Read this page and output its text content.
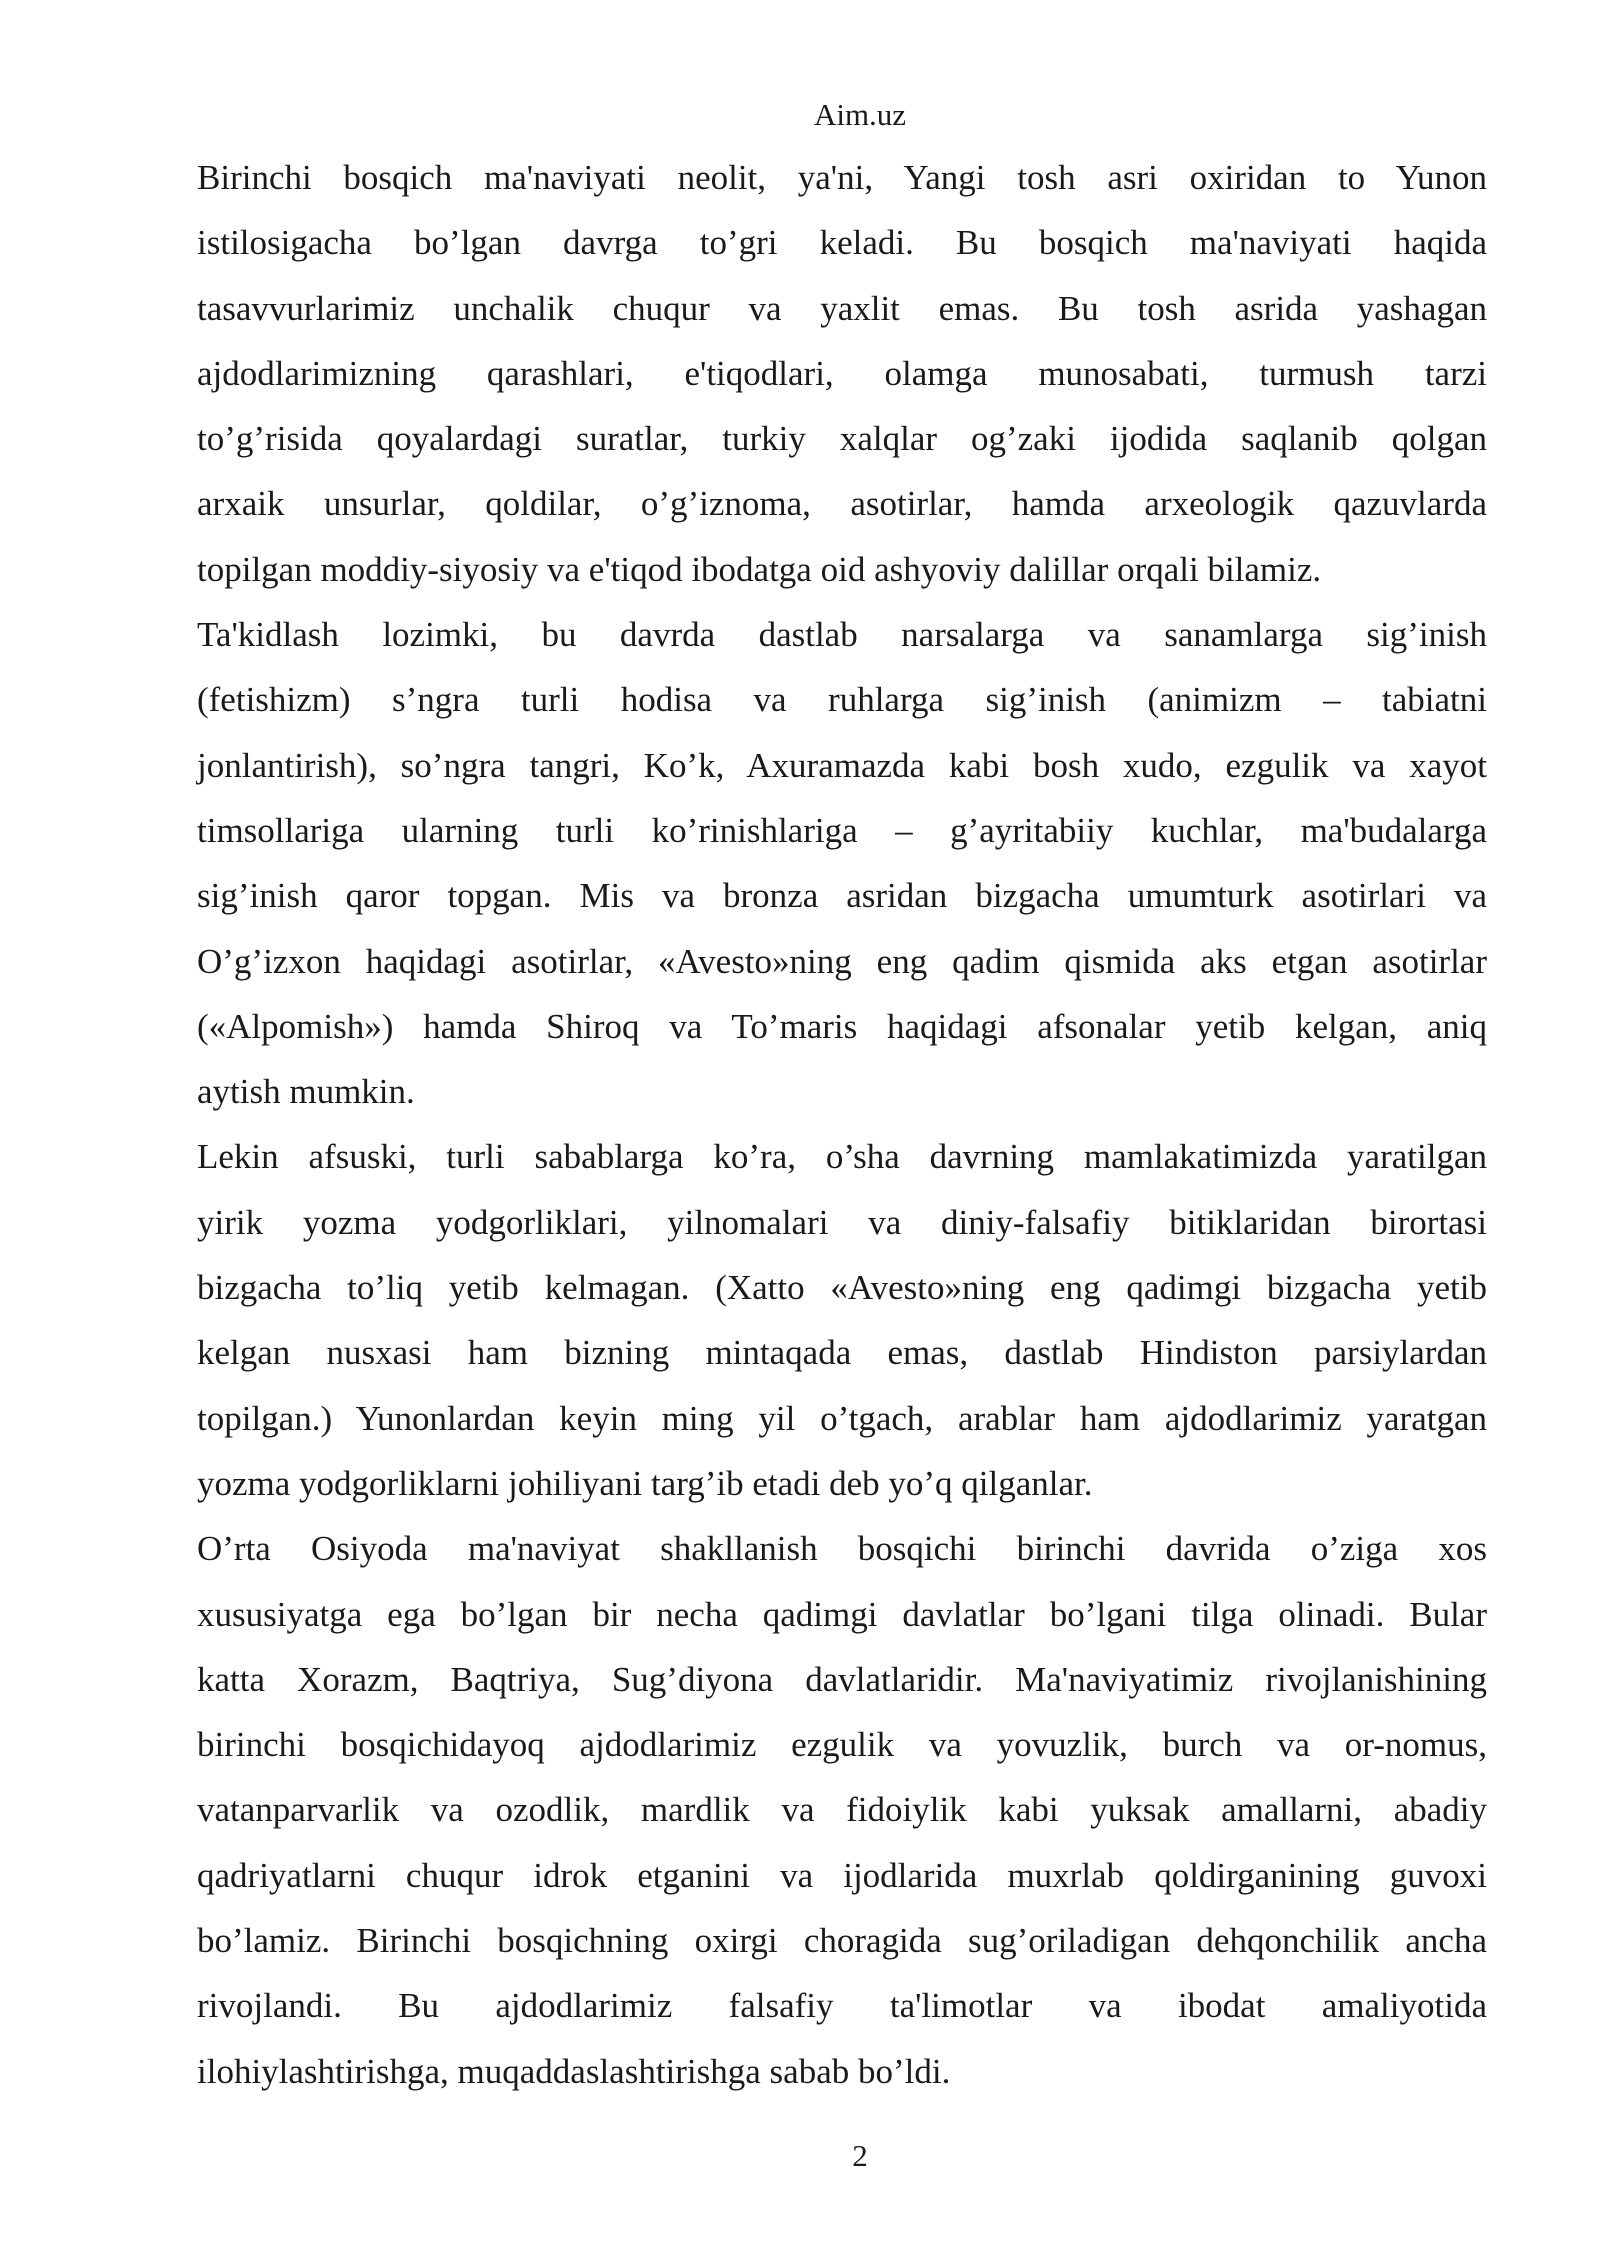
Aim.uz
Birinchi bosqich ma'naviyati neolit, ya'ni, Yangi tosh asri oxiridan to Yunon
istilosigacha bo’lgan davrga to’gri keladi. Bu bosqich ma'naviyati haqida
tasavvurlarimiz unchalik chuqur va yaxlit emas. Bu tosh asrida yashagan
ajdodlarimizning qarashlari, e'tiqodlari, olamga munosabati, turmush tarzi
to’g’risida qoyalardagi suratlar, turkiy xalqlar og’zaki ijodida saqlanib qolgan
arxaik unsurlar, qoldilar, o’g’iznoma, asotirlar, hamda arxeologik qazuvlarda
topilgan moddiy-siyosiy va e'tiqod ibodatga oid ashyoviy dalillar orqali bilamiz.
Ta'kidlash lozimki, bu davrda dastlab narsalarga va sanamlarga sig’inish
(fetishizm) s’ngra turli hodisa va ruhlarga sig’inish (animizm – tabiatni
jonlantirish), so’ngra tangri, Ko’k, Axuramazda kabi bosh xudo, ezgulik va xayot
timsollariga ularning turli ko’rinishlariga – g’ayritabiiy kuchlar, ma'budalarga
sig’inish qaror topgan. Mis va bronza asridan bizgacha umumturk asotirlari va
O’g’izxon haqidagi asotirlar, «Avesto»ning eng qadim qismida aks etgan asotirlar
(«Alpomish») hamda Shiroq va To’maris haqidagi afsonalar yetib kelgan, aniq
aytish mumkin.
Lekin afsuski, turli sabablarga ko’ra, o’sha davrning mamlakatimizda yaratilgan
yirik yozma yodgorliklari, yilnomalari va diniy-falsafiy bitiklaridan birortasi
bizgacha to’liq yetib kelmagan. (Xatto «Avesto»ning eng qadimgi bizgacha yetib
kelgan nusxasi ham bizning mintaqada emas, dastlab Hindiston parsiylardan
topilgan.) Yunonlardan keyin ming yil o’tgach, arablar ham ajdodlarimiz yaratgan
yozma yodgorliklarni johiliyani targ’ib etadi deb yo’q qilganlar.
O’rta Osiyoda ma'naviyat shakllanish bosqichi birinchi davrida o’ziga xos
xususiyatga ega bo’lgan bir necha qadimgi davlatlar bo’lgani tilga olinadi. Bular
katta Xorazm, Baqtriya, Sug’diyona davlatlaridir. Ma'naviyatimiz rivojlanishining
birinchi bosqichidayoq ajdodlarimiz ezgulik va yovuzlik, burch va or-nomus,
vatanparvarlik va ozodlik, mardlik va fidoiylik kabi yuksak amallarni, abadiy
qadriyatlarni chuqur idrok etganini va ijodlarida muxrlab qoldirganining guvoxi
bo’lamiz. Birinchi bosqichning oxirgi choragida sug’oriladigan dehqonchilik ancha
rivojlandi. Bu ajdodlarimiz falsafiy ta'limotlar va ibodat amaliyotida
ilohiylashtirishga, muqaddaslashtirishga sabab bo’ldi.
2
